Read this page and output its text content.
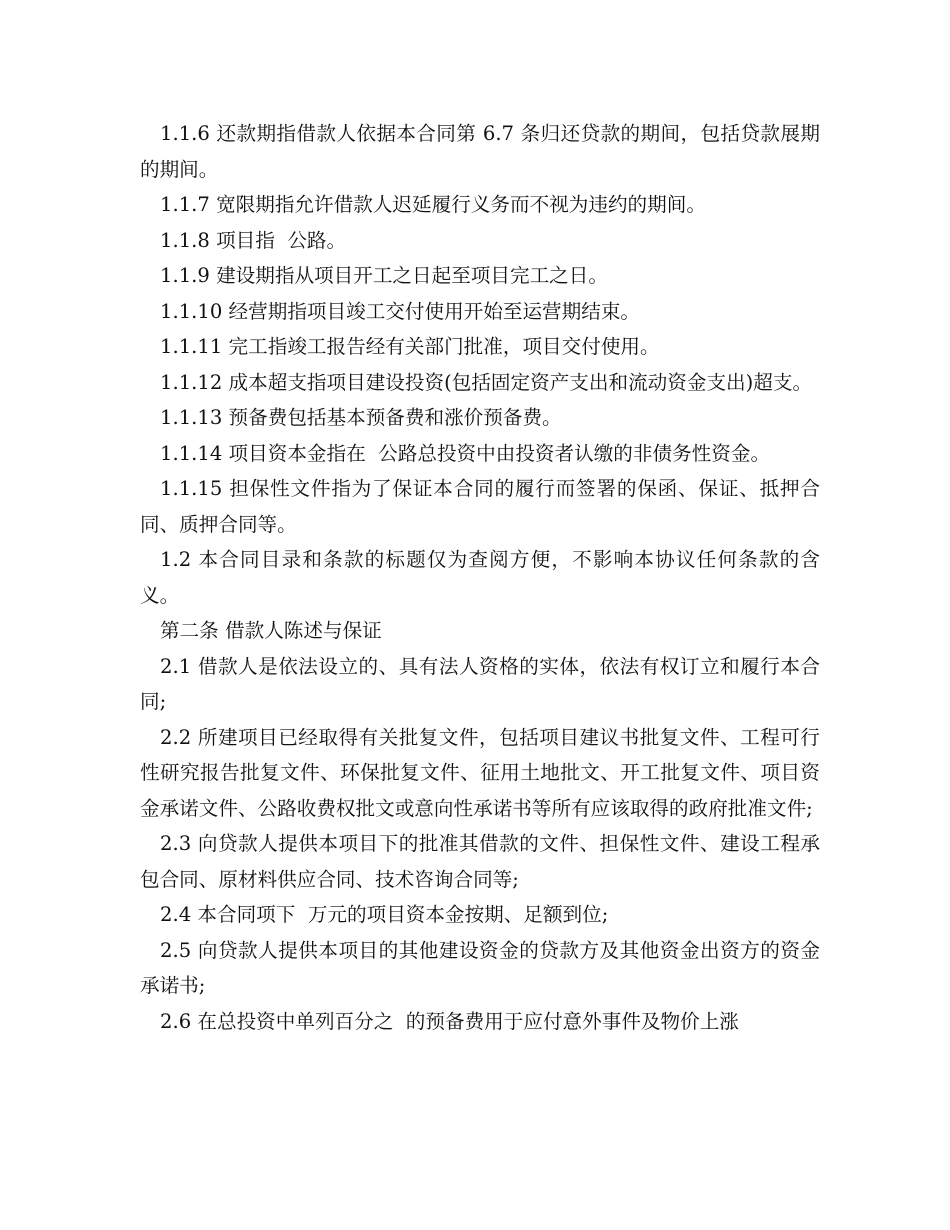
1.1.6 还款期指借款人依据本合同第 6.7 条归还贷款的期间，包括贷款展期的期间。

1.1.7 宽限期指允许借款人迟延履行义务而不视为违约的期间。

1.1.8 项目指  公路。

1.1.9 建设期指从项目开工之日起至项目完工之日。

1.1.10 经营期指项目竣工交付使用开始至运营期结束。

1.1.11 完工指竣工报告经有关部门批准，项目交付使用。

1.1.12 成本超支指项目建设投资(包括固定资产支出和流动资金支出)超支。

1.1.13 预备费包括基本预备费和涨价预备费。

1.1.14 项目资本金指在  公路总投资中由投资者认缴的非债务性资金。

1.1.15 担保性文件指为了保证本合同的履行而签署的保函、保证、抵押合同、质押合同等。

1.2 本合同目录和条款的标题仅为查阅方便，不影响本协议任何条款的含义。

第二条 借款人陈述与保证

2.1 借款人是依法设立的、具有法人资格的实体，依法有权订立和履行本合同;

2.2 所建项目已经取得有关批复文件，包括项目建议书批复文件、工程可行性研究报告批复文件、环保批复文件、征用土地批文、开工批复文件、项目资金承诺文件、公路收费权批文或意向性承诺书等所有应该取得的政府批准文件;

2.3 向贷款人提供本项目下的批准其借款的文件、担保性文件、建设工程承包合同、原材料供应合同、技术咨询合同等;

2.4 本合同项下  万元的项目资本金按期、足额到位;

2.5 向贷款人提供本项目的其他建设资金的贷款方及其他资金出资方的资金承诺书;

2.6 在总投资中单列百分之  的预备费用于应付意外事件及物价上涨
